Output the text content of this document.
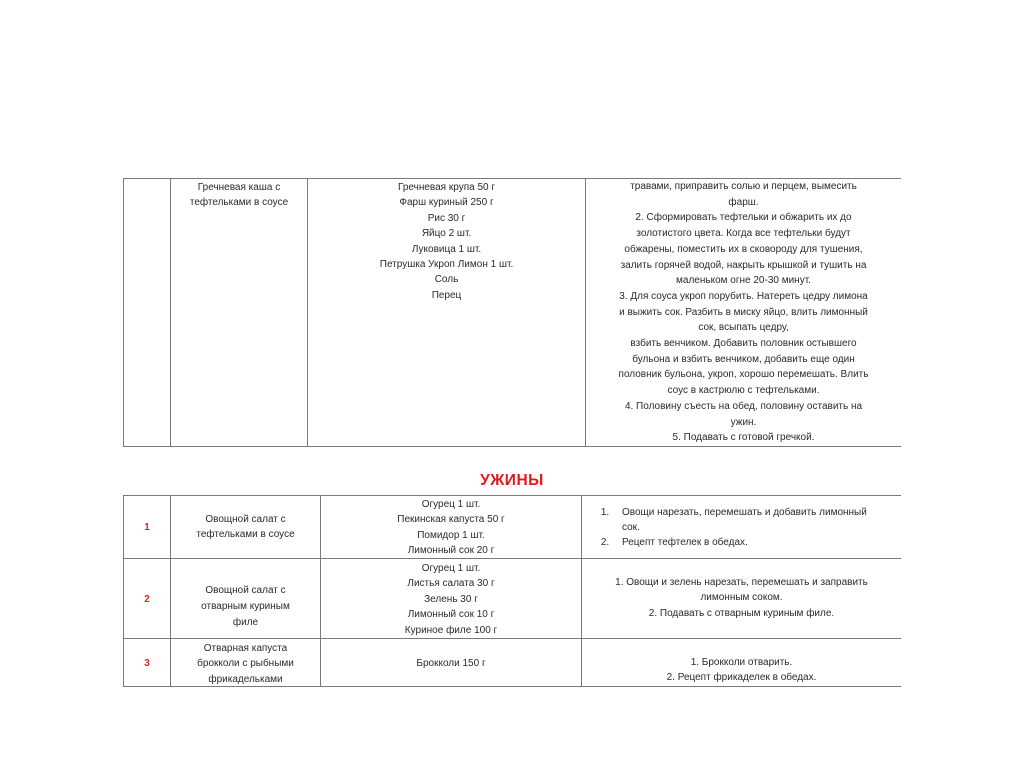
Гречневая каша с
тефтельками в соусе
Гречневая крупа 50 г
Фарш куриный 250 г
Рис 30 г
Яйцо 2 шт.
Луковица 1 шт.
Петрушка Укроп Лимон 1 шт.
Соль
Перец
травами, приправить солью и перцем, вымесить
фарш.
2. Сформировать тефтельки и обжарить их до
золотистого цвета. Когда все тефтельки будут
обжарены, поместить их в сковороду для тушения,
залить горячей водой, накрыть крышкой и тушить на
маленьком огне 20-30 минут.
3. Для соуса укроп порубить. Натереть цедру лимона
и выжить сок. Разбить в миску яйцо, влить лимонный
сок, всыпать цедру,
взбить венчиком. Добавить половник остывшего
бульона и взбить венчиком, добавить еще один
половник бульона, укроп, хорошо перемешать. Влить
соус в кастрюлю с тефтельками.
4. Половину съесть на обед, половину оставить на
ужин.
5. Подавать с готовой гречкой.
УЖИНЫ
1
Овощной салат с
тефтельками в соусе
Огурец 1 шт.
Пекинская капуста 50 г
Помидор 1 шт.
Лимонный сок 20 г
1. Овощи нарезать, перемешать и добавить лимонный сок.
2. Рецепт тефтелек в обедах.
2
Овощной салат с
отварным куриным
филе
Огурец 1 шт.
Листья салата 30 г
Зелень 30 г
Лимонный сок 10 г
Куриное филе 100 г
1. Овощи и зелень нарезать, перемешать и заправить
лимонным соком.
2. Подавать с отварным куриным филе.
3
Отварная капуста
брокколи с рыбными
фрикадельками
Брокколи 150 г	1. Брокколи отварить.
2. Рецепт фрикаделек в обедах.
